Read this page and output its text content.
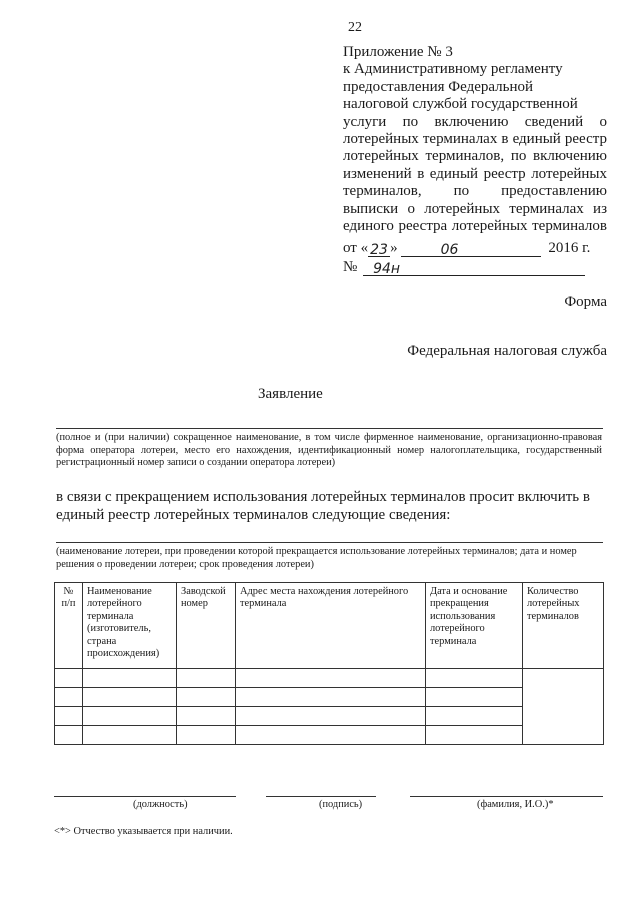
22
Приложение № 3
к Административному регламенту
предоставления Федеральной
налоговой службой государственной
услуги по включению сведений о
лотерейных терминалах в единый реестр
лотерейных терминалов, по включению
изменений в единый реестр лотерейных
терминалов, по предоставлению
выписки о лотерейных терминалах из
единого реестра лотерейных терминалов
от « 23 »	06	2016 г.
№ 94н
Форма
Федеральная налоговая служба
Заявление
(полное и (при наличии) сокращенное наименование, в том числе фирменное наименование, организационно-правовая
форма оператора лотереи, место его нахождения, идентификационный номер налогоплательщика, государственный
регистрационный номер записи о создании оператора лотереи)
в связи с прекращением использования лотерейных терминалов просит включить в единый реестр лотерейных терминалов следующие сведения:
(наименование лотереи, при проведении которой прекращается использование лотерейных терминалов; дата и номер решения о проведении лотереи; срок проведения лотереи)
№ п/п	Наименование лотерейного терминала (изготовитель, страна происхождения)	Заводской номер	Адрес места нахождения лотерейного терминала	Дата и основание прекращения использования лотерейного терминала	Количество лотерейных терминалов

(должность)	(подпись)	(фамилия, И.О.)*
<*> Отчество указывается при наличии.
